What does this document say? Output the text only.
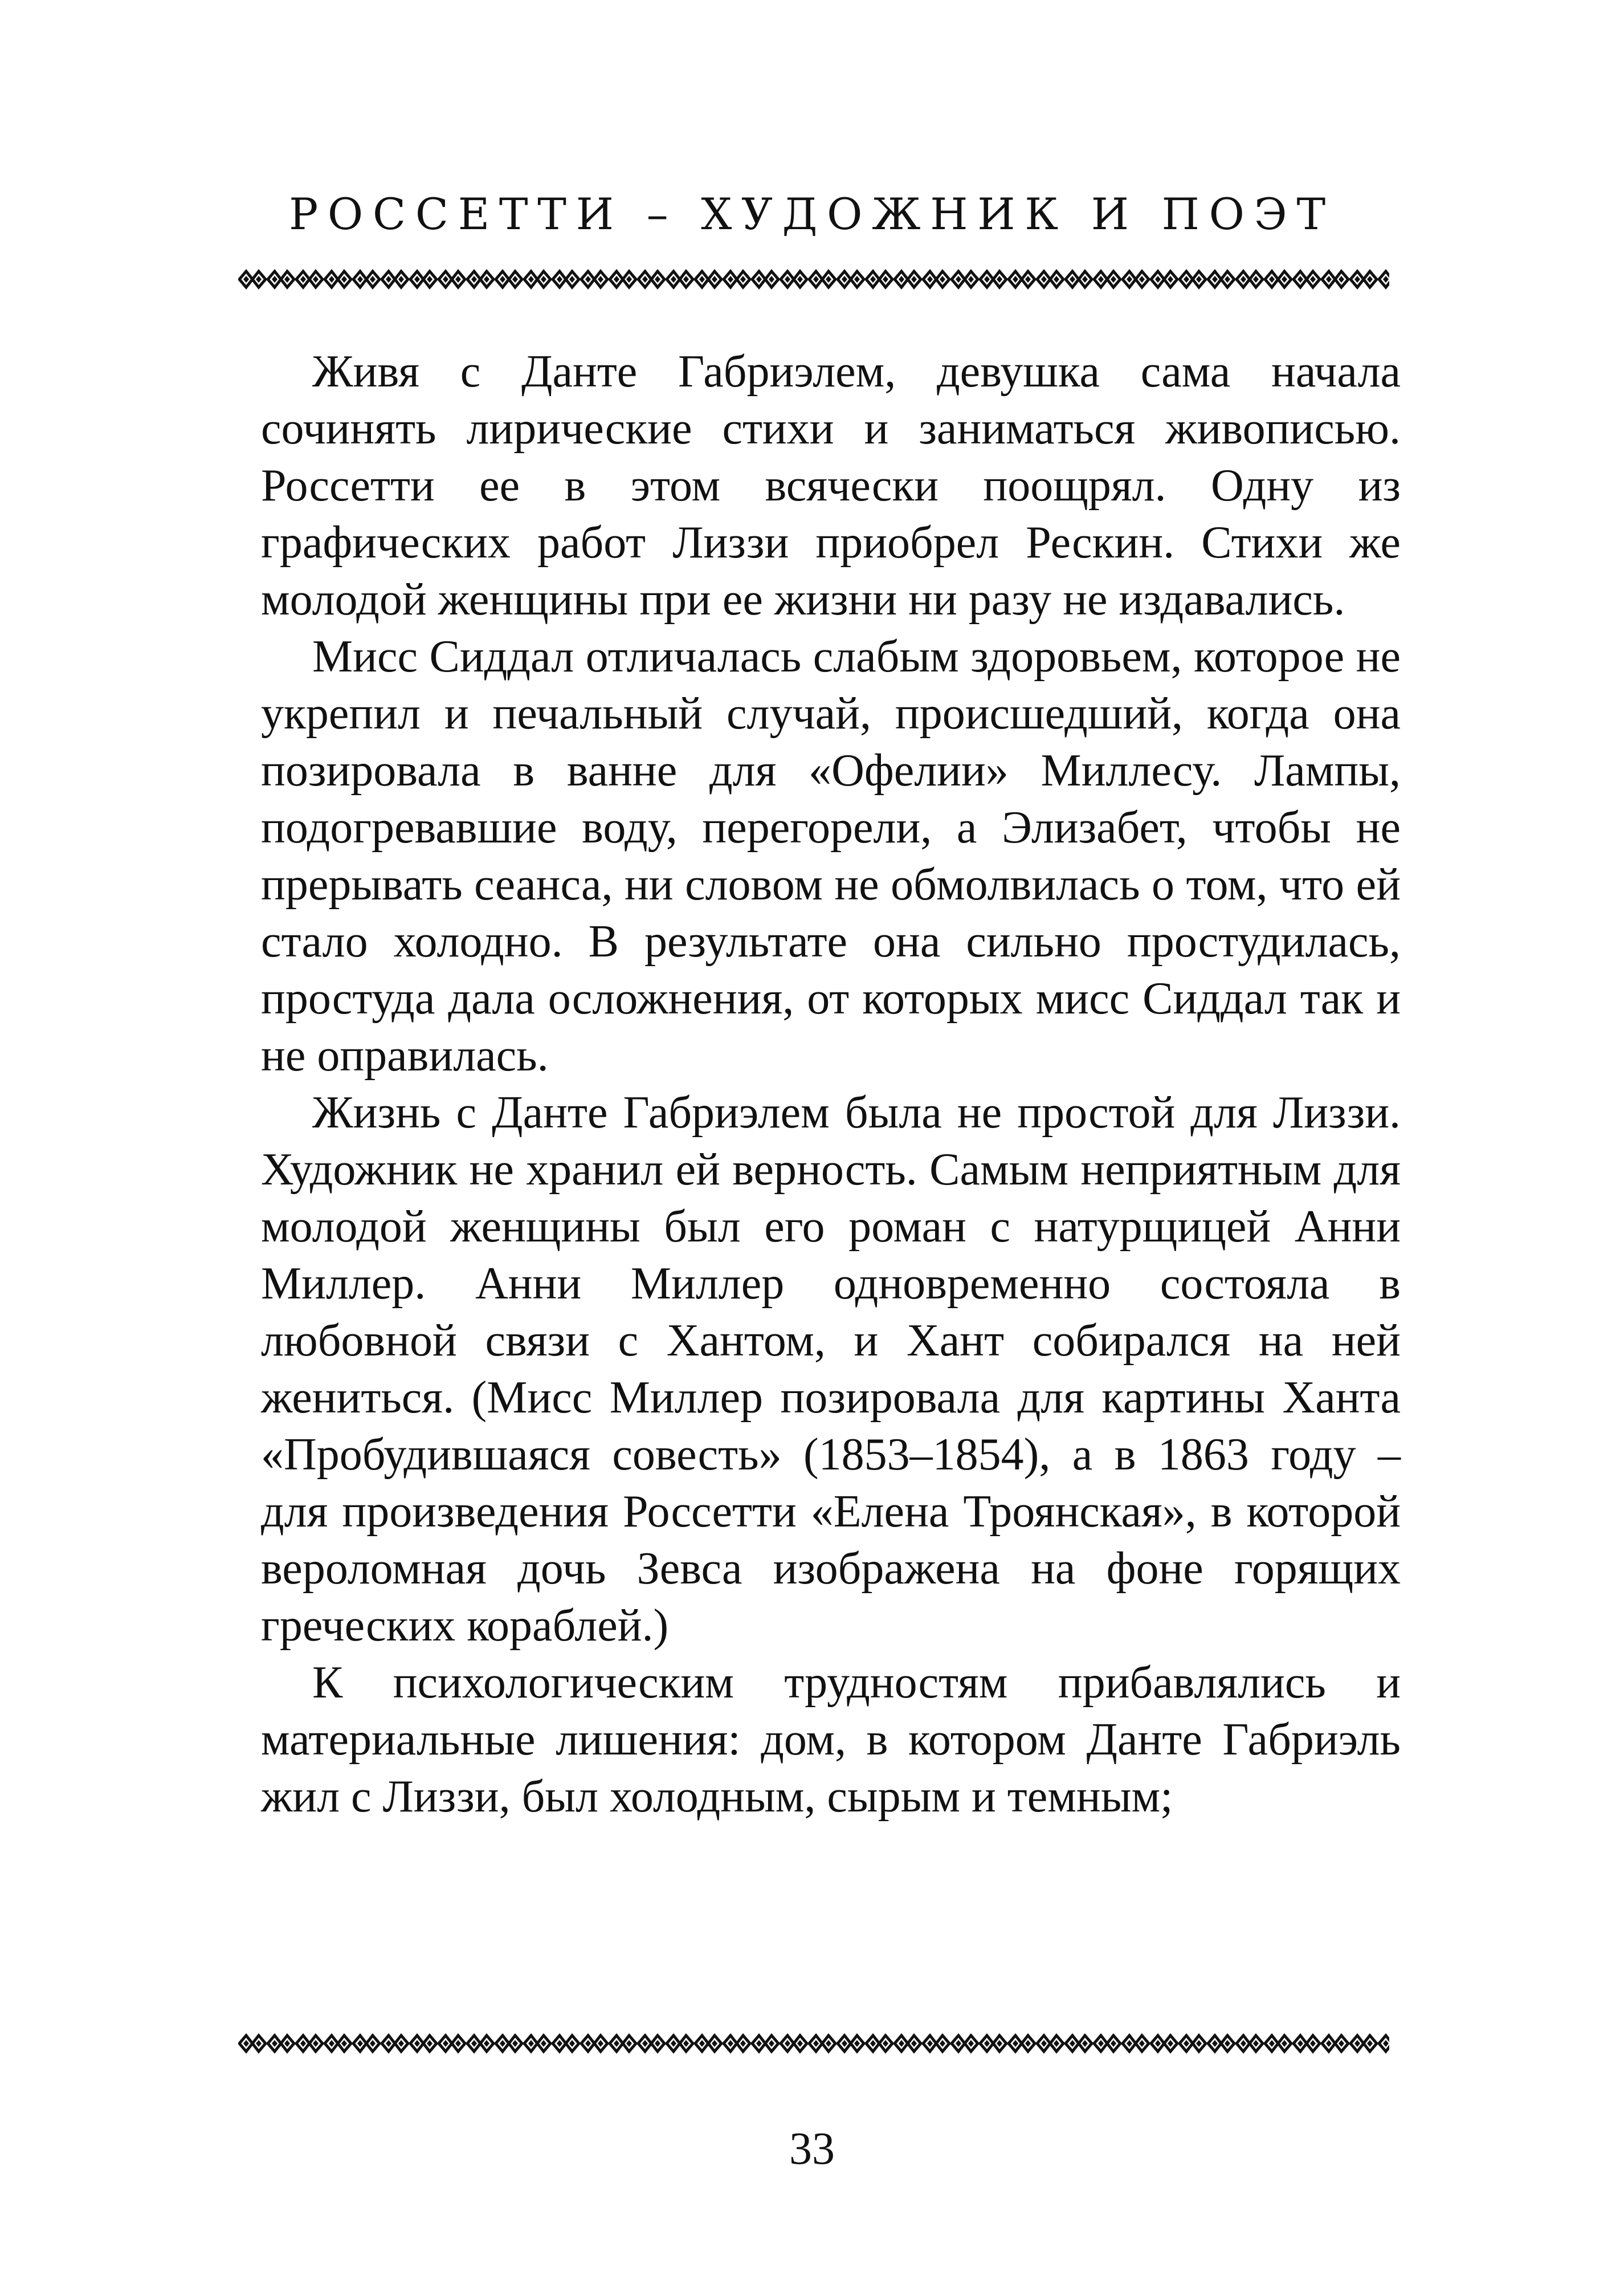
РОССЕТТИ – ХУДОЖНИК И ПОЭТ

Живя с Данте Габриэлем, девушка сама начала сочинять лирические стихи и заниматься живописью. Россетти ее в этом всячески поощрял. Одну из графических работ Лиззи приобрел Рескин. Стихи же молодой женщины при ее жизни ни разу не издавались.

Мисс Сиддал отличалась слабым здоровьем, которое не укрепил и печальный случай, происшедший, когда она позировала в ванне для «Офелии» Миллесу. Лампы, подогревавшие воду, перегорели, а Элизабет, чтобы не прерывать сеанса, ни словом не обмолвилась о том, что ей стало холодно. В результате она сильно простудилась, простуда дала осложнения, от которых мисс Сиддал так и не оправилась.

Жизнь с Данте Габриэлем была не простой для Лиззи. Художник не хранил ей верность. Самым неприятным для молодой женщины был его роман с натурщицей Анни Миллер. Анни Миллер одновременно состояла в любовной связи с Хантом, и Хант собирался на ней жениться. (Мисс Миллер позировала для картины Ханта «Пробудившаяся совесть» (1853–1854), а в 1863 году – для произведения Россетти «Елена Троянская», в которой вероломная дочь Зевса изображена на фоне горящих греческих кораблей.)

К психологическим трудностям прибавлялись и материальные лишения: дом, в котором Данте Габриэль жил с Лиззи, был холодным, сырым и темным;

33
